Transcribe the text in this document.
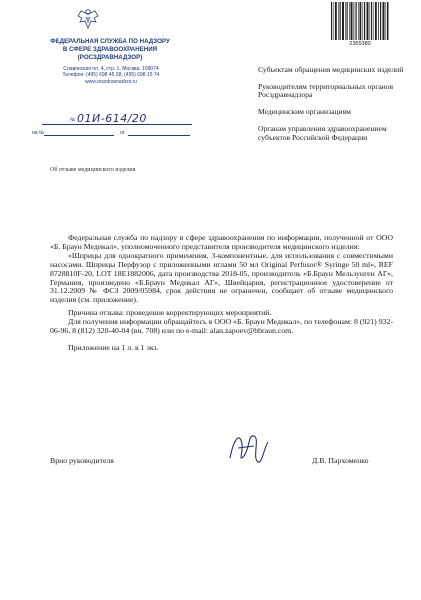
ФЕДЕРАЛЬНАЯ СЛУЖБА ПО НАДЗОРУ
В СФЕРЕ ЗДРАВООХРАНЕНИЯ
(РОСЗДРАВНАДЗОР)
Славянская пл. 4, стр. 1, Москва, 109074
Телефон: (495) 698 45 38; (495) 698 15 74
www.roszdravnadzor.ru
№ 01И-614/20
на №	от
Об отзыве медицинского изделия
2365380

Субъектам обращения медицинских изделий

Руководителям территориальных органов Росздравнадзора

Медицинским организациям

Органам управления здравоохранением субъектов Российской Федерации

Федеральная служба по надзору в сфере здравоохранения по информации, полученной от ООО «Б. Браун Медикал», уполномоченного представителя производителя медицинского изделия:

«Шприцы для однократного применения, 3-компонентные, для использования с совместимыми насосами. Шприцы Перфузор с приложенными иглами 50 мл Original Perfusor® Syringe 50 ml», REF 8728810F-20, LOT 18E1882006, дата производства 2018-05, производитель «Б.Браун Мельзунген АГ», Германия, произведено «Б.Браун Медикал АГ», Швейцария, регистрационное удостоверение от 31.12.2009 № ФСЗ 2009/05984, срок действия не ограничен, сообщает об отзыве медицинского изделия (см. приложение).

Причина отзыва: проведение корректирующих мероприятий.

Для получения информации обращайтесь в ООО «Б. Браун Медикал», по телефонам: 8 (921) 932-06-96, 8 (812) 320-40-04 (вн. 708) или по e-mail: alan.zapoev@bbraun.com.

Приложение на 1 л. в 1 экз.

Врио руководителя	Д.В. Пархоменко
